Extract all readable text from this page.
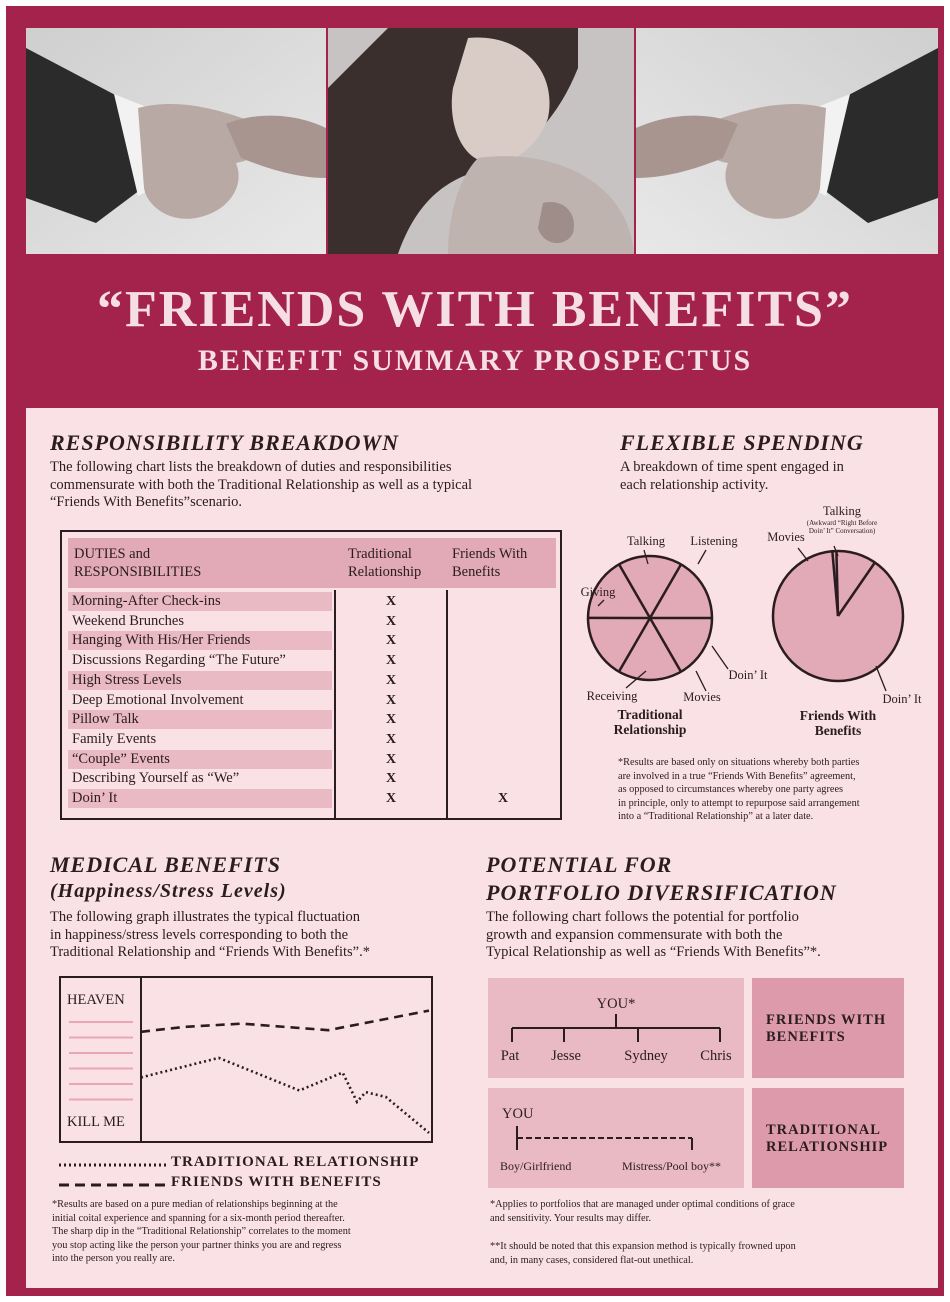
“FRIENDS WITH BENEFITS”
BENEFIT SUMMARY PROSPECTUS
RESPONSIBILITY BREAKDOWN
The following chart lists the breakdown of duties and responsibilities
commensurate with both the Traditional Relationship as well as a typical
“Friends With Benefits”scenario.
DUTIES and
RESPONSIBILITIES
Traditional
Relationship
Friends With
Benefits
Morning-After Check-ins	X
Weekend Brunches	X
Hanging With His/Her Friends	X
Discussions Regarding “The Future”	X
High Stress Levels	X
Deep Emotional Involvement	X
Pillow Talk	X
Family Events	X
“Couple” Events	X
Describing Yourself as “We”	X
Doin’ It	X	X
FLEXIBLE SPENDING
A breakdown of time spent engaged in
each relationship activity.
Talking Listening
Doin’ It
Movies
Receiving
Giving
Traditional
Relationship
Talking
Movies
Doin’ It
Friends With
Benefits
(Awkward “Right Before
Doin’ It” Conversation)
*Results are based only on situations whereby both parties
are involved in a true “Friends With Benefits” agreement,
as opposed to circumstances whereby one party agrees
in principle, only to attempt to repurpose said arrangement
into a “Traditional Relationship” at a later date.
MEDICAL BENEFITS
(Happiness/Stress Levels)
The following graph illustrates the typical fluctuation
in happiness/stress levels corresponding to both the
Traditional Relationship and “Friends With Benefits”.*
HEAVEN
KILL ME
TRADITIONAL RELATIONSHIP
FRIENDS WITH BENEFITS
*Results are based on a pure median of relationships beginning at the
initial coital experience and spanning for a six-month period thereafter.
The sharp dip in the “Traditional Relationship” correlates to the moment
you stop acting like the person your partner thinks you are and regress
into the person you really are.
POTENTIAL FOR
PORTFOLIO DIVERSIFICATION
The following chart follows the potential for portfolio
growth and expansion commensurate with both the
Typical Relationship as well as “Friends With Benefits”*.
YOU*
Pat Jesse	Sydney Chris
FRIENDS WITH
BENEFITS
YOU
Boy/Girlfriend	Mistress/Pool boy**
TRADITIONAL
RELATIONSHIP
*Applies to portfolios that are managed under optimal conditions of grace
and sensitivity. Your results may differ.
**It should be noted that this expansion method is typically frowned upon
and, in many cases, considered flat-out unethical.
